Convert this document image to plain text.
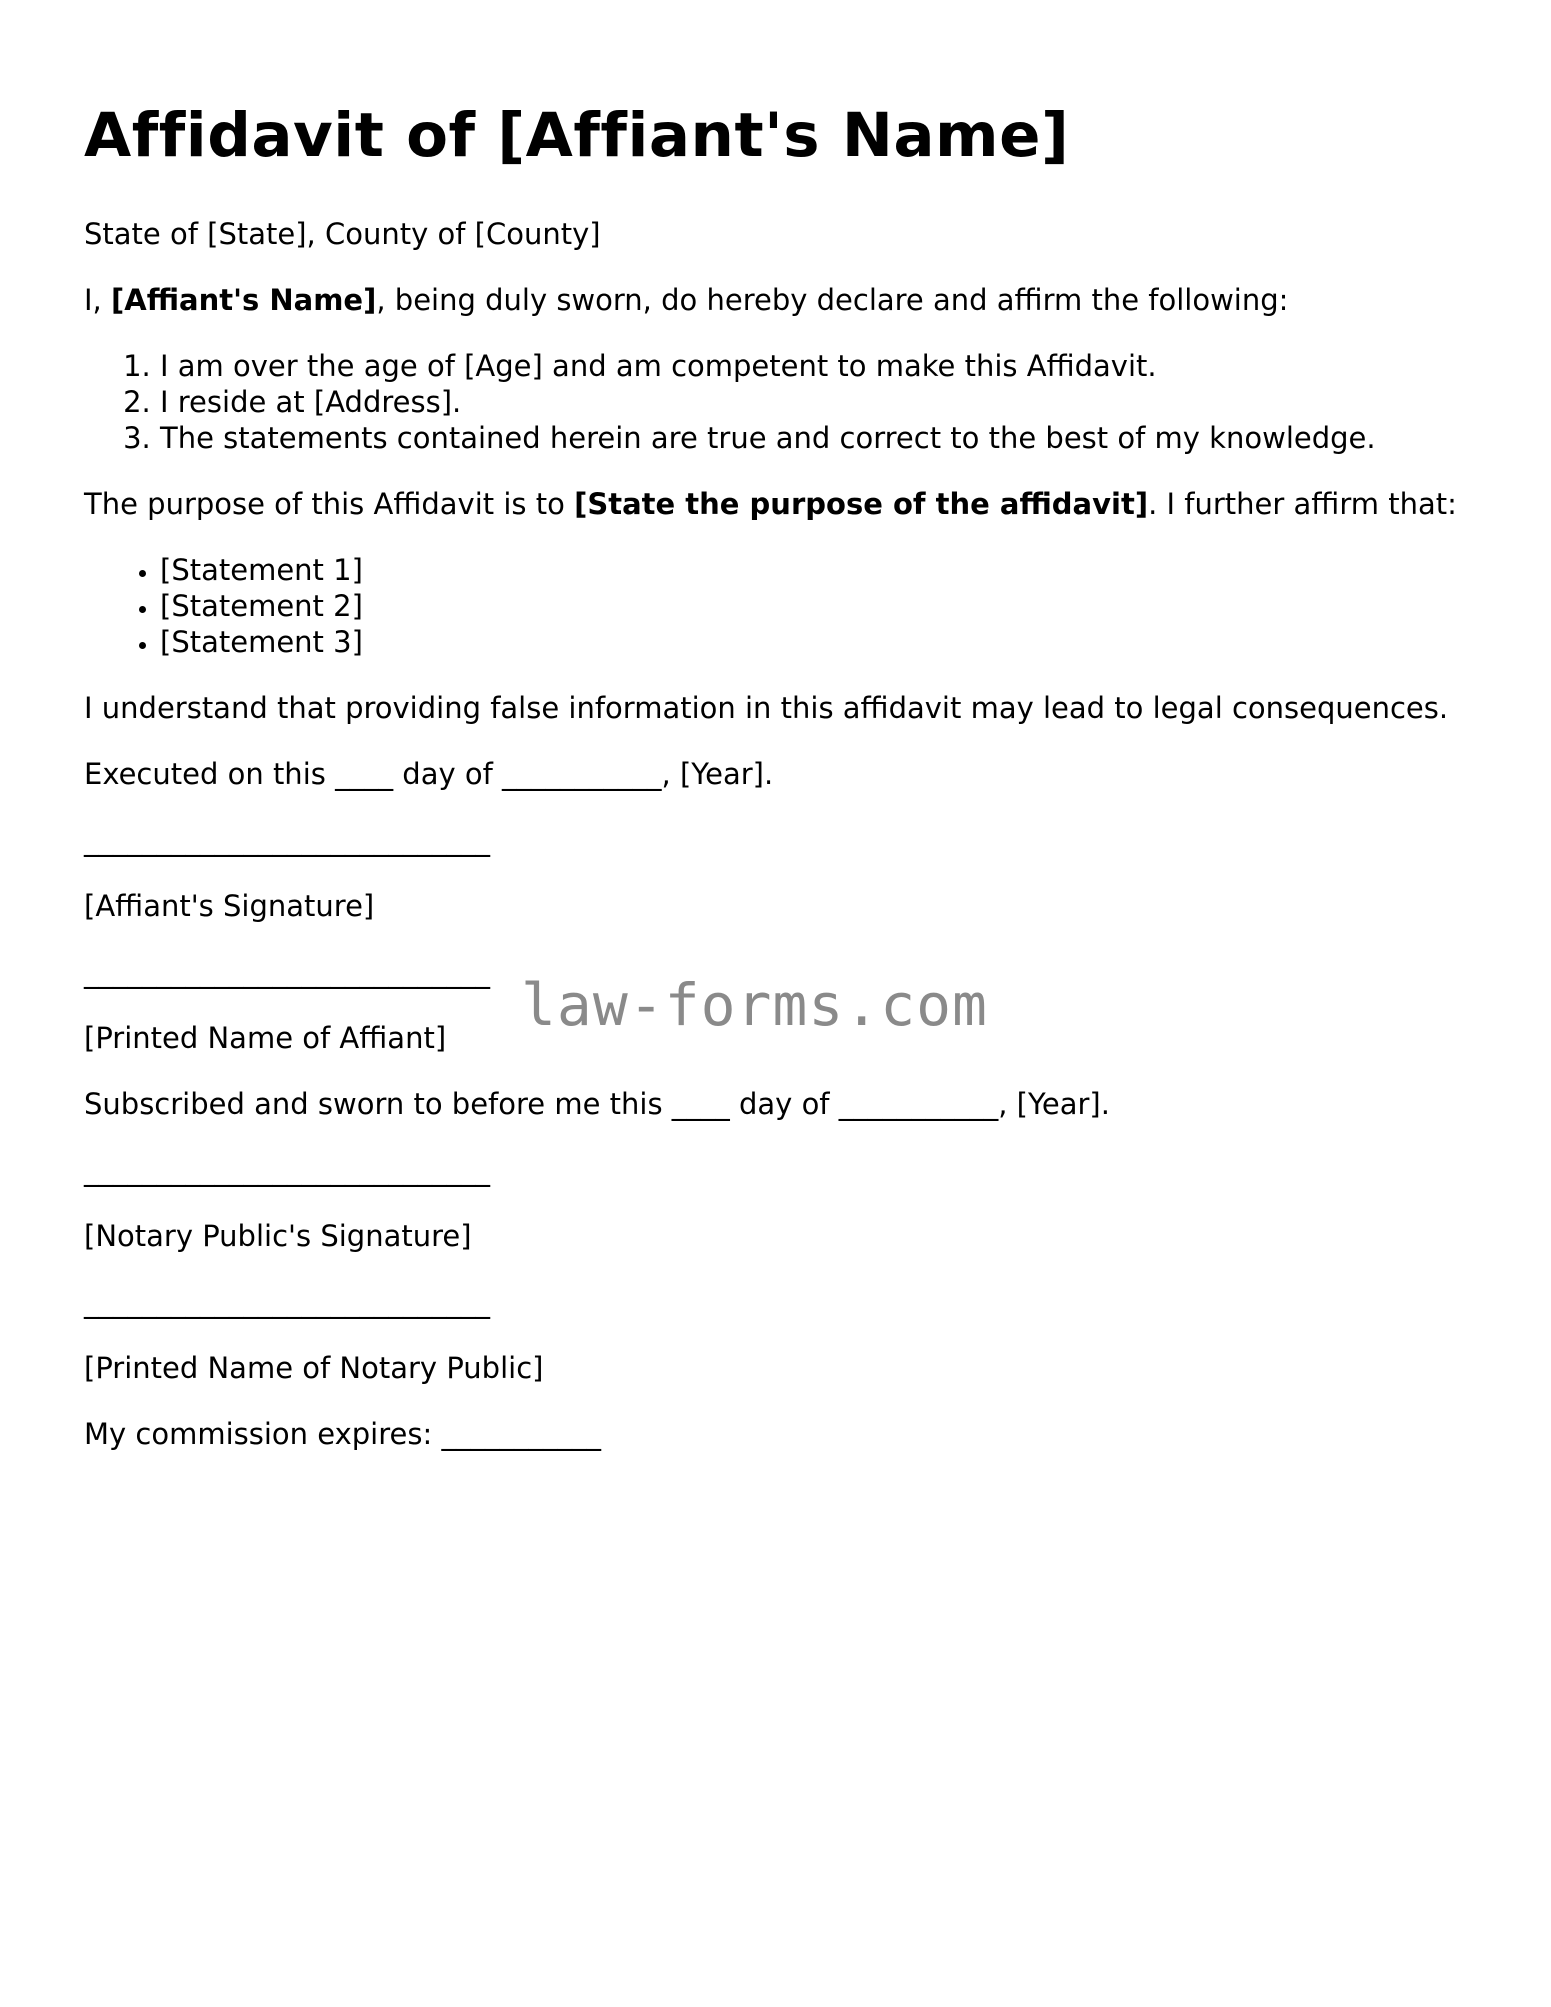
Affidavit of [Affiant's Name]

State of [State], County of [County]

I, [Affiant's Name], being duly sworn, do hereby declare and affirm the following:

1. I am over the age of [Age] and am competent to make this Affidavit.
2. I reside at [Address].
3. The statements contained herein are true and correct to the best of my knowledge.

The purpose of this Affidavit is to [State the purpose of the affidavit]. I further affirm that:

• [Statement 1]
• [Statement 2]
• [Statement 3]

I understand that providing false information in this affidavit may lead to legal consequences.

Executed on this ____ day of ___________, [Year].

____________________________

[Affiant's Signature]

____________________________

[Printed Name of Affiant]

Subscribed and sworn to before me this ____ day of ___________, [Year].

____________________________

[Notary Public's Signature]

____________________________

[Printed Name of Notary Public]

My commission expires: ___________

law-forms.com
